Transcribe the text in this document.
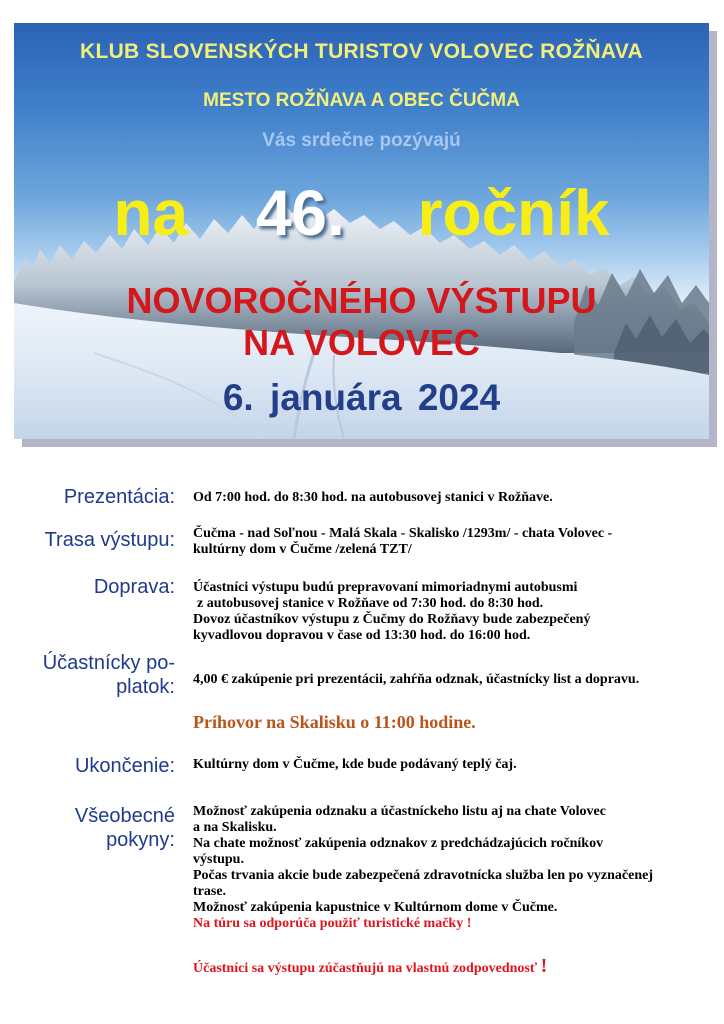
KLUB SLOVENSKÝCH TURISTOV VOLOVEC ROŽŇAVA
MESTO ROŽŇAVA A OBEC ČUČMA
Vás srdečne pozývajú
na 46. ročník
NOVOROČNÉHO VÝSTUPU
NA VOLOVEC
6. januára 2024
Prezentácia: Od 7:00 hod. do 8:30 hod. na autobusovej stanici v Rožňave.
Trasa výstupu: Čučma - nad Soľnou - Malá Skala - Skalisko /1293m/ - chata Volovec -
kultúrny dom v Čučme /zelená TZT/
Doprava: Účastníci výstupu budú prepravovaní mimoriadnymi autobusmi
z autobusovej stanice v Rožňave od 7:30 hod. do 8:30 hod.
Dovoz účastníkov výstupu z Čučmy do Rožňavy bude zabezpečený
kyvadlovou dopravou v čase od 13:30 hod. do 16:00 hod.
Účastnícky po-
platok: 4,00 € zakúpenie pri prezentácii, zahŕňa odznak, účastnícky list a dopravu.
Príhovor na Skalisku o 11:00 hodine.
Ukončenie: Kultúrny dom v Čučme, kde bude podávaný teplý čaj.
Všeobecné
pokyny:
Možnosť zakúpenia odznaku a účastníckeho listu aj na chate Volovec
a na Skalisku.
Na chate možnosť zakúpenia odznakov z predchádzajúcich ročníkov
výstupu.
Počas trvania akcie bude zabezpečená zdravotnícka služba len po vyznačenej
trase.
Možnosť zakúpenia kapustnice v Kultúrnom dome v Čučme.
Na túru sa odporúča použiť turistické mačky !
Účastníci sa výstupu zúčastňujú na vlastnú zodpovednosť !
